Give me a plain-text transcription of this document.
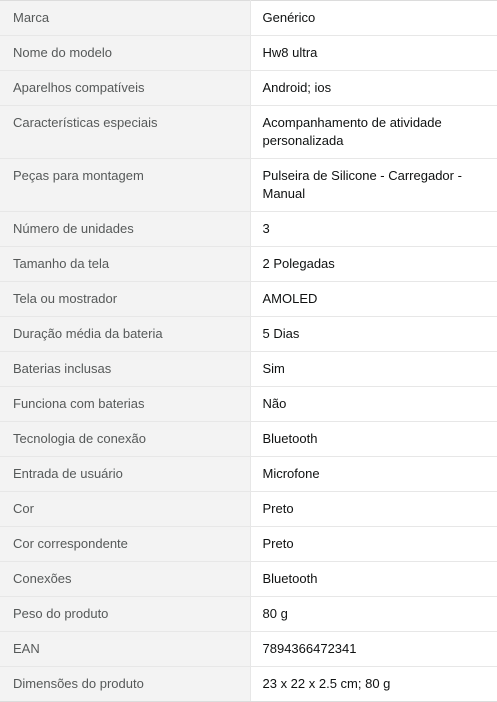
Marca	Genérico
Nome do modelo	Hw8 ultra
Aparelhos compatíveis	Android; ios
Características especiais	Acompanhamento de atividade personalizada
Peças para montagem	Pulseira de Silicone - Carregador - Manual
Número de unidades	3
Tamanho da tela	2 Polegadas
Tela ou mostrador	AMOLED
Duração média da bateria	5 Dias
Baterias inclusas	Sim
Funciona com baterias	Não
Tecnologia de conexão	Bluetooth
Entrada de usuário	Microfone
Cor	Preto
Cor correspondente	Preto
Conexões	Bluetooth
Peso do produto	80 g
EAN	7894366472341
Dimensões do produto	23 x 22 x 2.5 cm; 80 g
